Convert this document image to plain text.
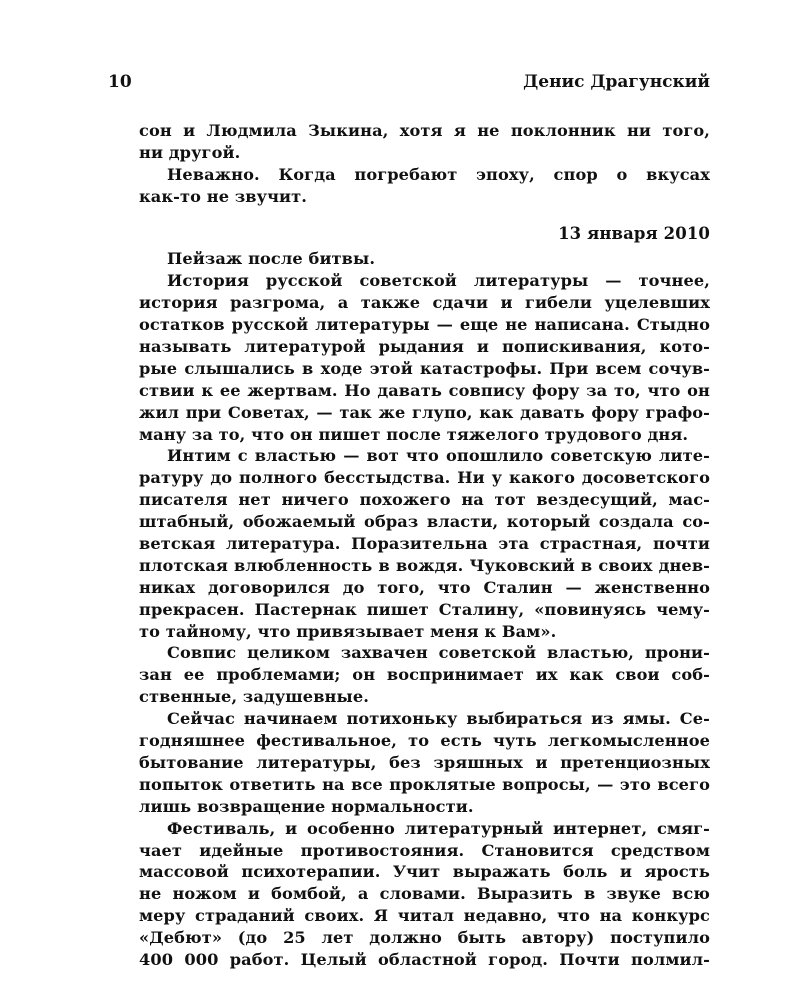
10	Денис Драгунский
сон и Людмила Зыкина, хотя я не поклонник ни того,
ни другой.
Неважно. Когда погребают эпоху, спор о вкусах
как-то не звучит.
13 января 2010
Пейзаж после битвы.
История русской советской литературы — точнее,
история разгрома, а также сдачи и гибели уцелевших
остатков русской литературы — еще не написана. Стыдно
называть литературой рыдания и попискивания, кото-
рые слышались в ходе этой катастрофы. При всем сочув-
ствии к ее жертвам. Но давать совпису фору за то, что он
жил при Советах, — так же глупо, как давать фору графо-
ману за то, что он пишет после тяжелого трудового дня.
Интим с властью — вот что опошлило советскую лите-
ратуру до полного бесстыдства. Ни у какого досоветского
писателя нет ничего похожего на тот вездесущий, мас-
штабный, обожаемый образ власти, который создала со-
ветская литература. Поразительна эта страстная, почти
плотская влюбленность в вождя. Чуковский в своих днев-
никах договорился до того, что Сталин — женственно
прекрасен. Пастернак пишет Сталину, «повинуясь чему-
то тайному, что привязывает меня к Вам».
Совпис целиком захвачен советской властью, прони-
зан ее проблемами; он воспринимает их как свои соб-
ственные, задушевные.
Сейчас начинаем потихоньку выбираться из ямы. Се-
годняшнее фестивальное, то есть чуть легкомысленное
бытование литературы, без зряшных и претенциозных
попыток ответить на все проклятые вопросы, — это всего
лишь возвращение нормальности.
Фестиваль, и особенно литературный интернет, смяг-
чает идейные противостояния. Становится средством
массовой психотерапии. Учит выражать боль и ярость
не ножом и бомбой, а словами. Выразить в звуке всю
меру страданий своих. Я читал недавно, что на конкурс
«Дебют» (до 25 лет должно быть автору) поступило
400 000 работ. Целый областной город. Почти полмил-
